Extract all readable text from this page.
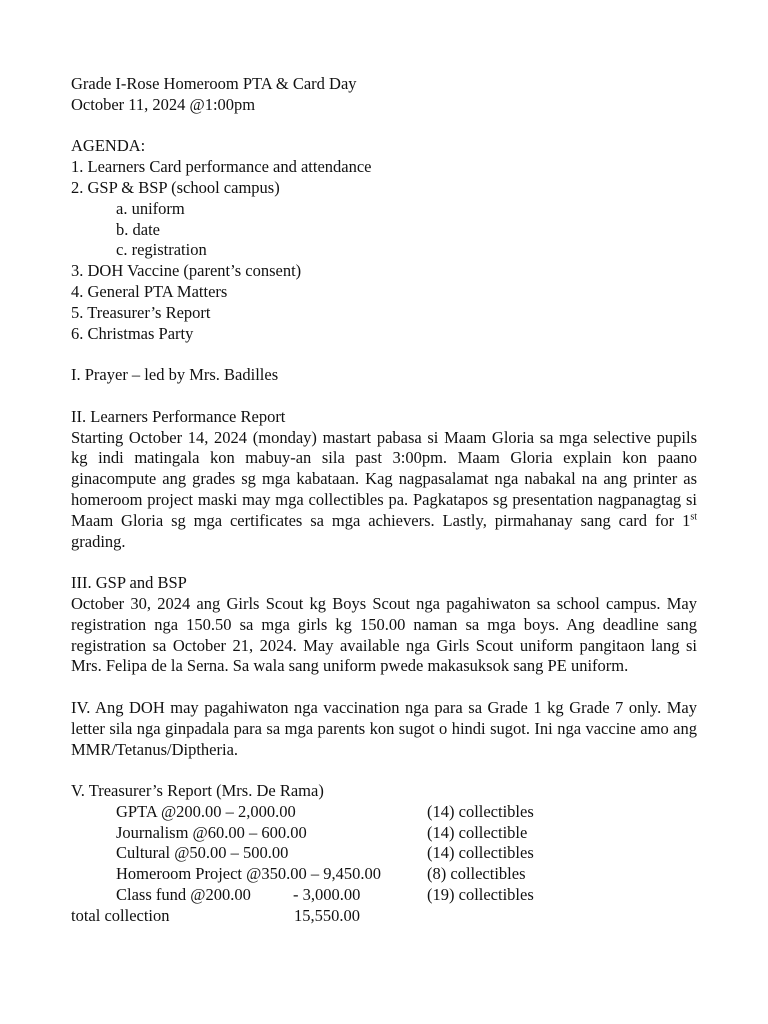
Grade I-Rose Homeroom PTA & Card Day
October 11, 2024 @1:00pm
AGENDA:
1. Learners Card performance and attendance
2. GSP & BSP (school campus)
a. uniform
b. date
c. registration
3. DOH Vaccine (parent’s consent)
4. General PTA Matters
5. Treasurer’s Report
6. Christmas Party
I. Prayer – led by Mrs. Badilles
II. Learners Performance Report
Starting October 14, 2024 (monday) mastart pabasa si Maam Gloria sa mga selective pupils kg indi matingala kon mabuy-an sila past 3:00pm. Maam Gloria explain kon paano ginacompute ang grades sg mga kabataan. Kag nagpasalamat nga nabakal na ang printer as homeroom project maski may mga collectibles pa. Pagkatapos sg presentation nagpanagtag si Maam Gloria sg mga certificates sa mga achievers. Lastly, pirmahanay sang card for 1st grading.
III. GSP and BSP
October 30, 2024 ang Girls Scout kg Boys Scout nga pagahiwaton sa school campus. May registration nga 150.50 sa mga girls kg 150.00 naman sa mga boys. Ang deadline sang registration sa October 21, 2024. May available nga Girls Scout uniform pangitaon lang si Mrs. Felipa de la Serna. Sa wala sang uniform pwede makasuksok sang PE uniform.
IV. Ang DOH may pagahiwaton nga vaccination nga para sa Grade 1 kg Grade 7 only. May letter sila nga ginpadala para sa mga parents kon sugot o hindi sugot. Ini nga vaccine amo ang MMR/Tetanus/Diptheria.
V. Treasurer’s Report (Mrs. De Rama)
GPTA @200.00 – 2,000.00	(14) collectibles
Journalism @60.00 – 600.00	(14) collectible
Cultural @50.00 – 500.00	(14) collectibles
Homeroom Project @350.00 – 9,450.00	(8) collectibles
Class fund @200.00	- 3,000.00	(19) collectibles
total collection	15,550.00
